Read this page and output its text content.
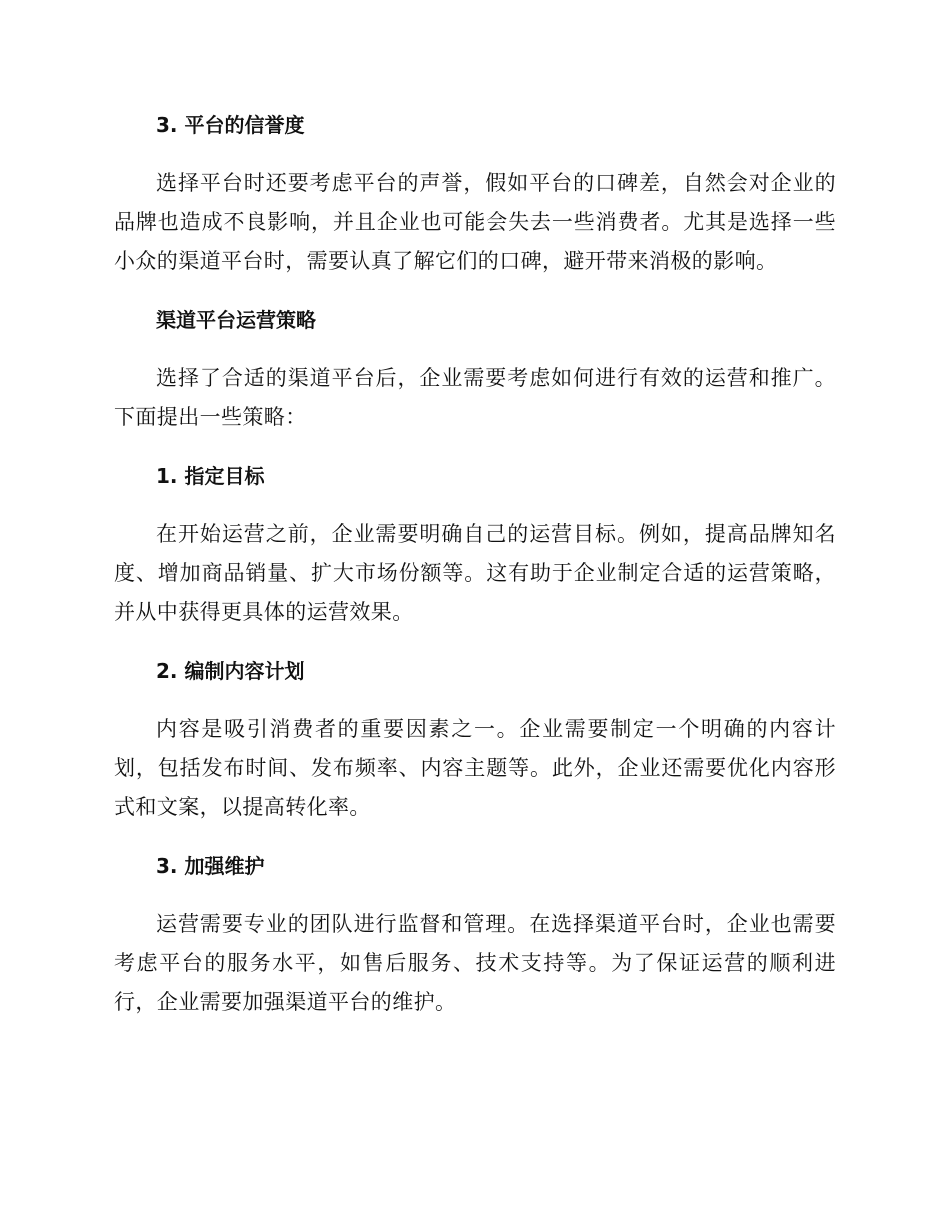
3. 平台的信誉度

选择平台时还要考虑平台的声誉，假如平台的口碑差，自然会对企业的品牌也造成不良影响，并且企业也可能会失去一些消费者。尤其是选择一些小众的渠道平台时，需要认真了解它们的口碑，避开带来消极的影响。

渠道平台运营策略

选择了合适的渠道平台后，企业需要考虑如何进行有效的运营和推广。下面提出一些策略：

1. 指定目标

在开始运营之前，企业需要明确自己的运营目标。例如，提高品牌知名度、增加商品销量、扩大市场份额等。这有助于企业制定合适的运营策略，并从中获得更具体的运营效果。

2. 编制内容计划

内容是吸引消费者的重要因素之一。企业需要制定一个明确的内容计划，包括发布时间、发布频率、内容主题等。此外，企业还需要优化内容形式和文案，以提高转化率。

3. 加强维护

运营需要专业的团队进行监督和管理。在选择渠道平台时，企业也需要考虑平台的服务水平，如售后服务、技术支持等。为了保证运营的顺利进行，企业需要加强渠道平台的维护。
